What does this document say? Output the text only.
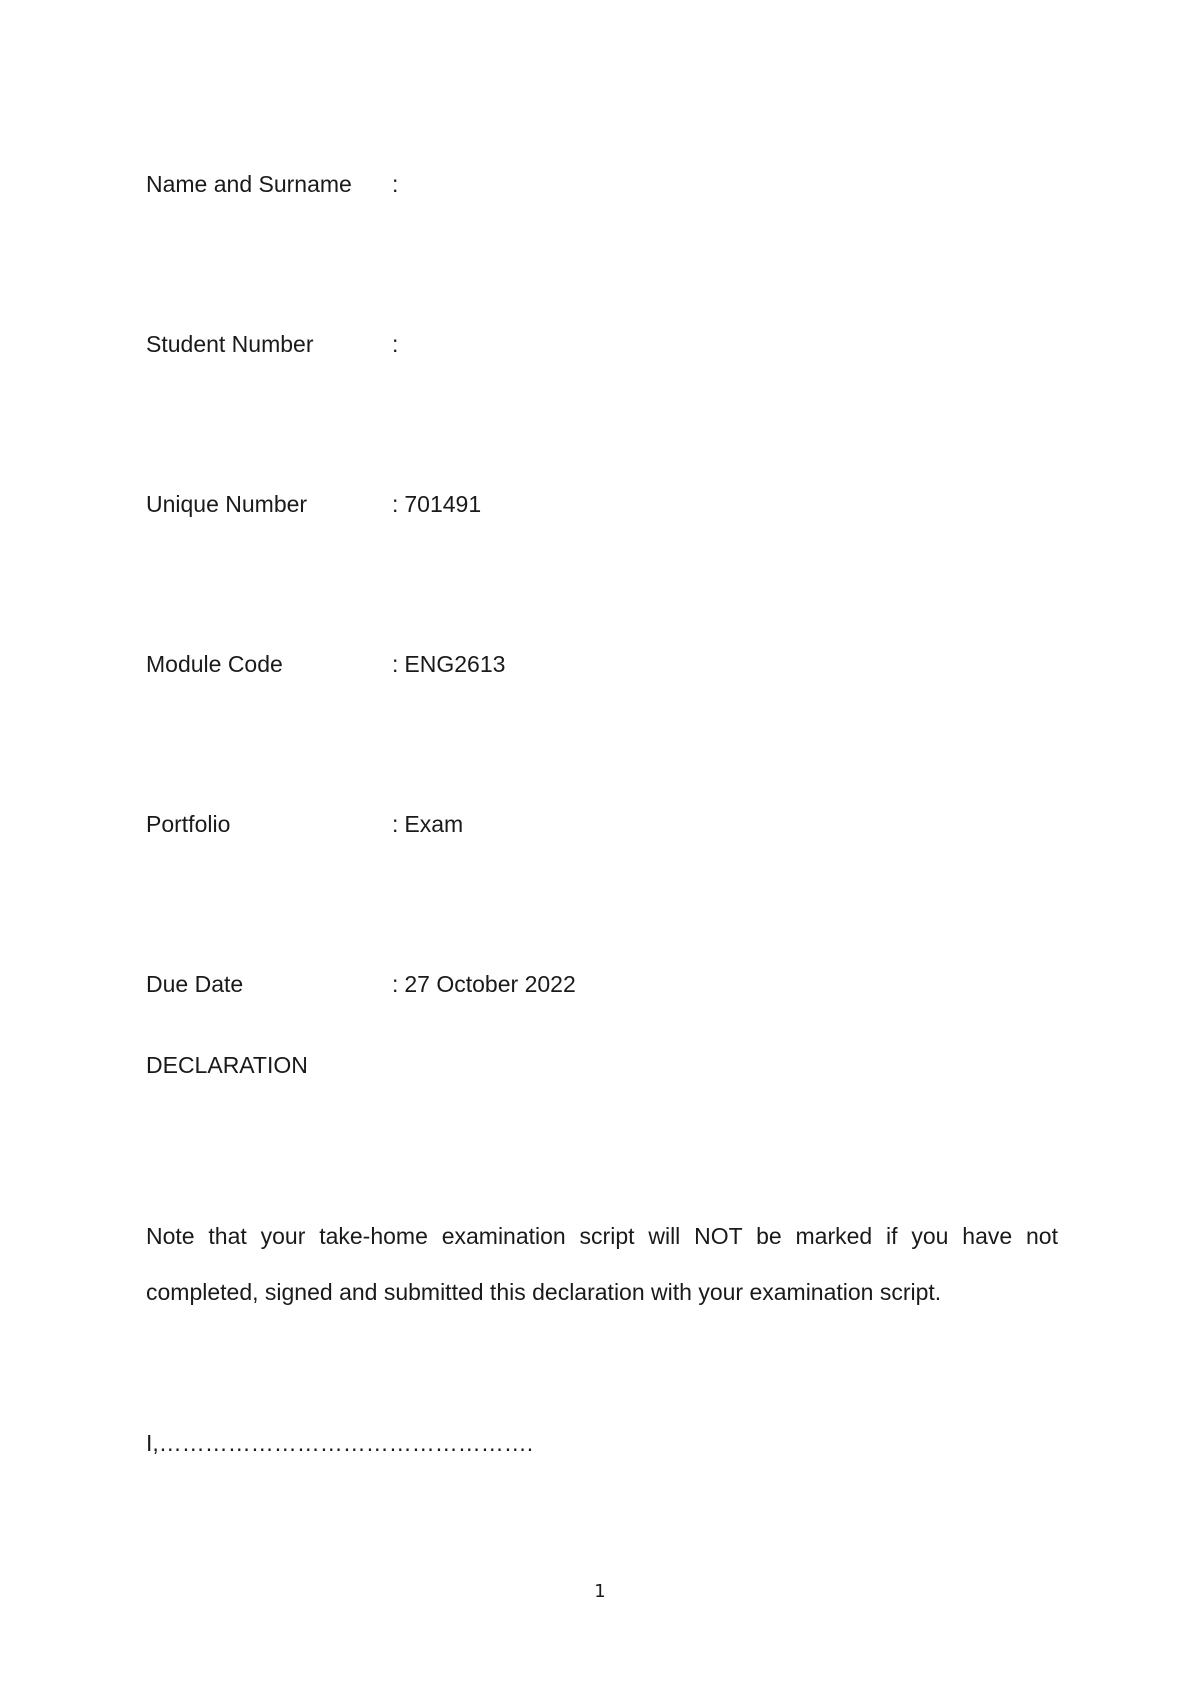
Name and Surname :
Student Number	:
Unique Number	: 701491
Module Code	: ENG2613
Portfolio	: Exam
Due Date	: 27 October 2022
DECLARATION
Note that your take-home examination script will NOT be marked if you have not completed, signed and submitted this declaration with your examination script.
I,………………………………………….
1
